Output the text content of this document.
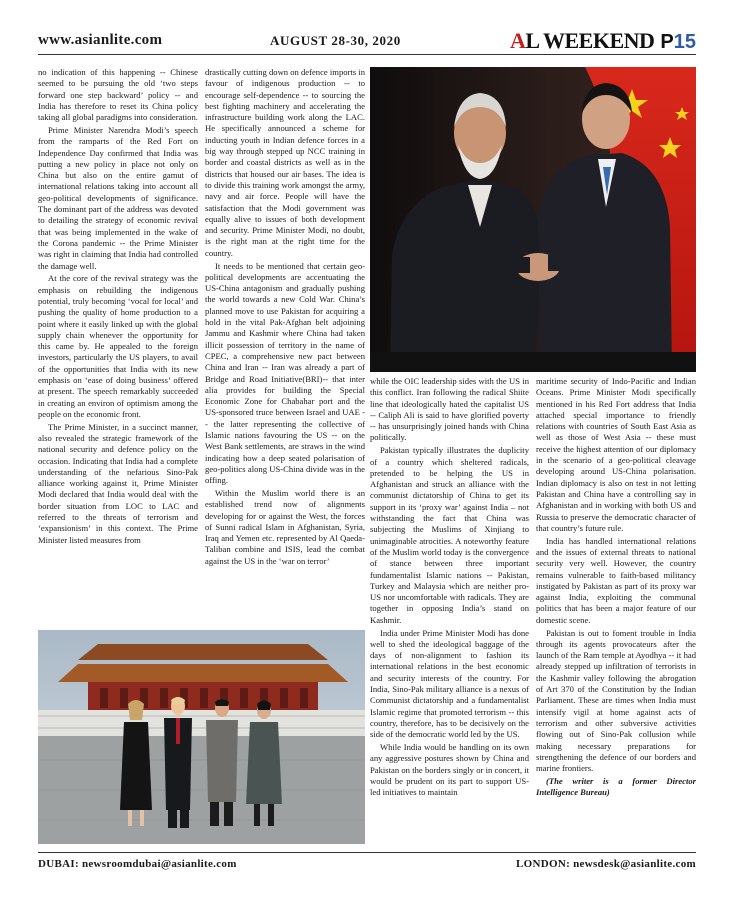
www.asianlite.com	AUGUST 28-30, 2020	AL WEEKEND P15

no indication of this happening -- Chinese seemed to be pursuing the old ‘two steps forward one step backward’ policy -- and India has therefore to reset its China policy taking all global paradigms into consideration.

Prime Minister Narendra Modi’s speech from the ramparts of the Red Fort on Independence Day confirmed that India was putting a new policy in place not only on China but also on the entire gamut of international relations taking into account all geo-political developments of significance. The dominant part of the address was devoted to detailing the strategy of economic revival that was being implemented in the wake of the Corona pandemic -- the Prime Minister was right in claiming that India had controlled the damage well.

At the core of the revival strategy was the emphasis on rebuilding the indigenous potential, truly becoming ‘vocal for local’ and pushing the quality of home production to a point where it easily linked up with the global supply chain whenever the opportunity for this came by. He appealed to the foreign investors, particularly the US players, to avail of the opportunities that India with its new emphasis on ‘ease of doing business’ offered at present. The speech remarkably succeeded in creating an environ of optimism among the people on the economic front.

The Prime Minister, in a succinct manner, also revealed the strategic framework of the national security and defence policy on the occasion. Indicating that India had a complete understanding of the nefarious Sino-Pak alliance working against it, Prime Minister Modi declared that India would deal with the border situation from LOC to LAC and referred to the threats of terrorism and ‘expansionism’ in this context. The Prime Minister listed measures from

drastically cutting down on defence imports in favour of indigenous production -- to encourage self-dependence -- to sourcing the best fighting machinery and accelerating the infrastructure building work along the LAC. He specifically announced a scheme for inducting youth in Indian defence forces in a big way through stepped up NCC training in border and coastal districts as well as in the districts that housed our air bases. The idea is to divide this training work amongst the army, navy and air force. People will have the satisfaction that the Modi government was equally alive to issues of both development and security. Prime Minister Modi, no doubt, is the right man at the right time for the country.

It needs to be mentioned that certain geo-political developments are accentuating the US-China antagonism and gradually pushing the world towards a new Cold War. China’s planned move to use Pakistan for acquiring a hold in the vital Pak-Afghan belt adjoining Jammu and Kashmir where China had taken illicit possession of territory in the name of CPEC, a comprehensive new pact between China and Iran -- Iran was already a part of Bridge and Road Initiative(BRI)-- that inter alia provides for building the Special Economic Zone for Chabahar port and the US-sponsored truce between Israel and UAE -- the latter representing the collective of Islamic nations favouring the US -- on the West Bank settlements, are straws in the wind indicating how a deep seated polarisation of geo-politics along US-China divide was in the offing.

Within the Muslim world there is an established trend now of alignments developing for or against the West, the forces of Sunni radical Islam in Afghanistan, Syria, Iraq and Yemen etc. represented by Al Qaeda-Taliban combine and ISIS, lead the combat against the US in the ‘war on terror’

while the OIC leadership sides with the US in this conflict. Iran following the radical Shiite line that ideologically hated the capitalist US -- Caliph Ali is said to have glorified poverty -- has unsurprisingly joined hands with China politically.

Pakistan typically illustrates the duplicity of a country which sheltered radicals, pretended to be helping the US in Afghanistan and struck an alliance with the communist dictatorship of China to get its support in its ‘proxy war’ against India – not withstanding the fact that China was subjecting the Muslims of Xinjiang to unimaginable atrocities. A noteworthy feature of the Muslim world today is the convergence of stance between three important fundamentalist Islamic nations -- Pakistan, Turkey and Malaysia which are neither pro-US nor uncomfortable with radicals. They are together in opposing India’s stand on Kashmir.

India under Prime Minister Modi has done well to shed the ideological baggage of the days of non-alignment to fashion its international relations in the best economic and security interests of the country. For India, Sino-Pak military alliance is a nexus of Communist dictatorship and a fundamentalist Islamic regime that promoted terrorism -- this country, therefore, has to be decisively on the side of the democratic world led by the US.

While India would be handling on its own any aggressive postures shown by China and Pakistan on the borders singly or in concert, it would be prudent on its part to support US-led initiatives to maintain

maritime security of Indo-Pacific and Indian Oceans. Prime Minister Modi specifically mentioned in his Red Fort address that India attached special importance to friendly relations with countries of South East Asia as well as those of West Asia -- these must receive the highest attention of our diplomacy in the scenario of a geo-political cleavage developing around US-China polarisation. Indian diplomacy is also on test in not letting Pakistan and China have a controlling say in Afghanistan and in working with both US and Russia to preserve the democratic character of that country’s future rule.

India has handled international relations and the issues of external threats to national security very well. However, the country remains vulnerable to faith-based militancy instigated by Pakistan as part of its proxy war against India, exploiting the communal politics that has been a major feature of our domestic scene.

Pakistan is out to foment trouble in India through its agents provocateurs after the launch of the Ram temple at Ayodhya -- it had already stepped up infiltration of terrorists in the Kashmir valley following the abrogation of Art 370 of the Constitution by the Indian Parliament. These are times when India must intensify vigil at home against acts of terrorism and other subversive activities flowing out of Sino-Pak collusion while making necessary preparations for strengthening the defence of our borders and marine frontiers.

(The writer is a former Director Intelligence Bureau)

DUBAI: newsroomdubai@asianlite.com	LONDON: newsdesk@asianlite.com
